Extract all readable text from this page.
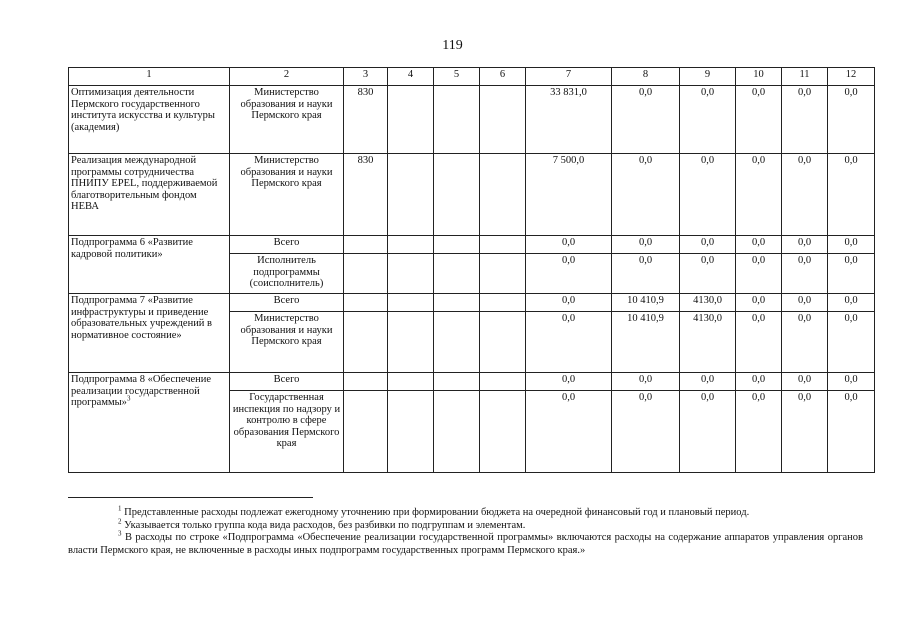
119
1	2	3	4	5	6	7	8	9	10	11	12
Оптимизация деятельности Пермского государственного института искусства и культуры (академия)	Министерство образования и науки Пермского края	830				33 831,0	0,0	0,0	0,0	0,0	0,0
Реализация международной программы сотрудничества ПНИПУ EPEL, поддерживаемой благотворительным фондом НЕВА	Министерство образования и науки Пермского края	830				7 500,0	0,0	0,0	0,0	0,0	0,0
Подпрограмма 6 «Развитие кадровой политики»	Всего					0,0	0,0	0,0	0,0	0,0	0,0
	Исполнитель подпрограммы (соисполнитель)					0,0	0,0	0,0	0,0	0,0	0,0
Подпрограмма 7 «Развитие инфраструктуры и приведение образовательных учреждений в нормативное состояние»	Всего					0,0	10 410,9	4130,0	0,0	0,0	0,0
	Министерство образования и науки Пермского края					0,0	10 410,9	4130,0	0,0	0,0	0,0
Подпрограмма 8 «Обеспечение реализации государственной программы»$^3$	Всего					0,0	0,0	0,0	0,0	0,0	0,0
	Государственная инспекция по надзору и контролю в сфере образования Пермского края					0,0	0,0	0,0	0,0	0,0	0,0

$^1$ Представленные расходы подлежат ежегодному уточнению при формировании бюджета на очередной финансовый год и плановый период.

$^2$ Указывается только группа кода вида расходов, без разбивки по подгруппам и элементам.

$^3$ В расходы по строке «Подпрограмма «Обеспечение реализации государственной программы» включаются расходы на содержание аппаратов управления органов власти Пермского края, не включенные в расходы иных подпрограмм государственных программ Пермского края.»
